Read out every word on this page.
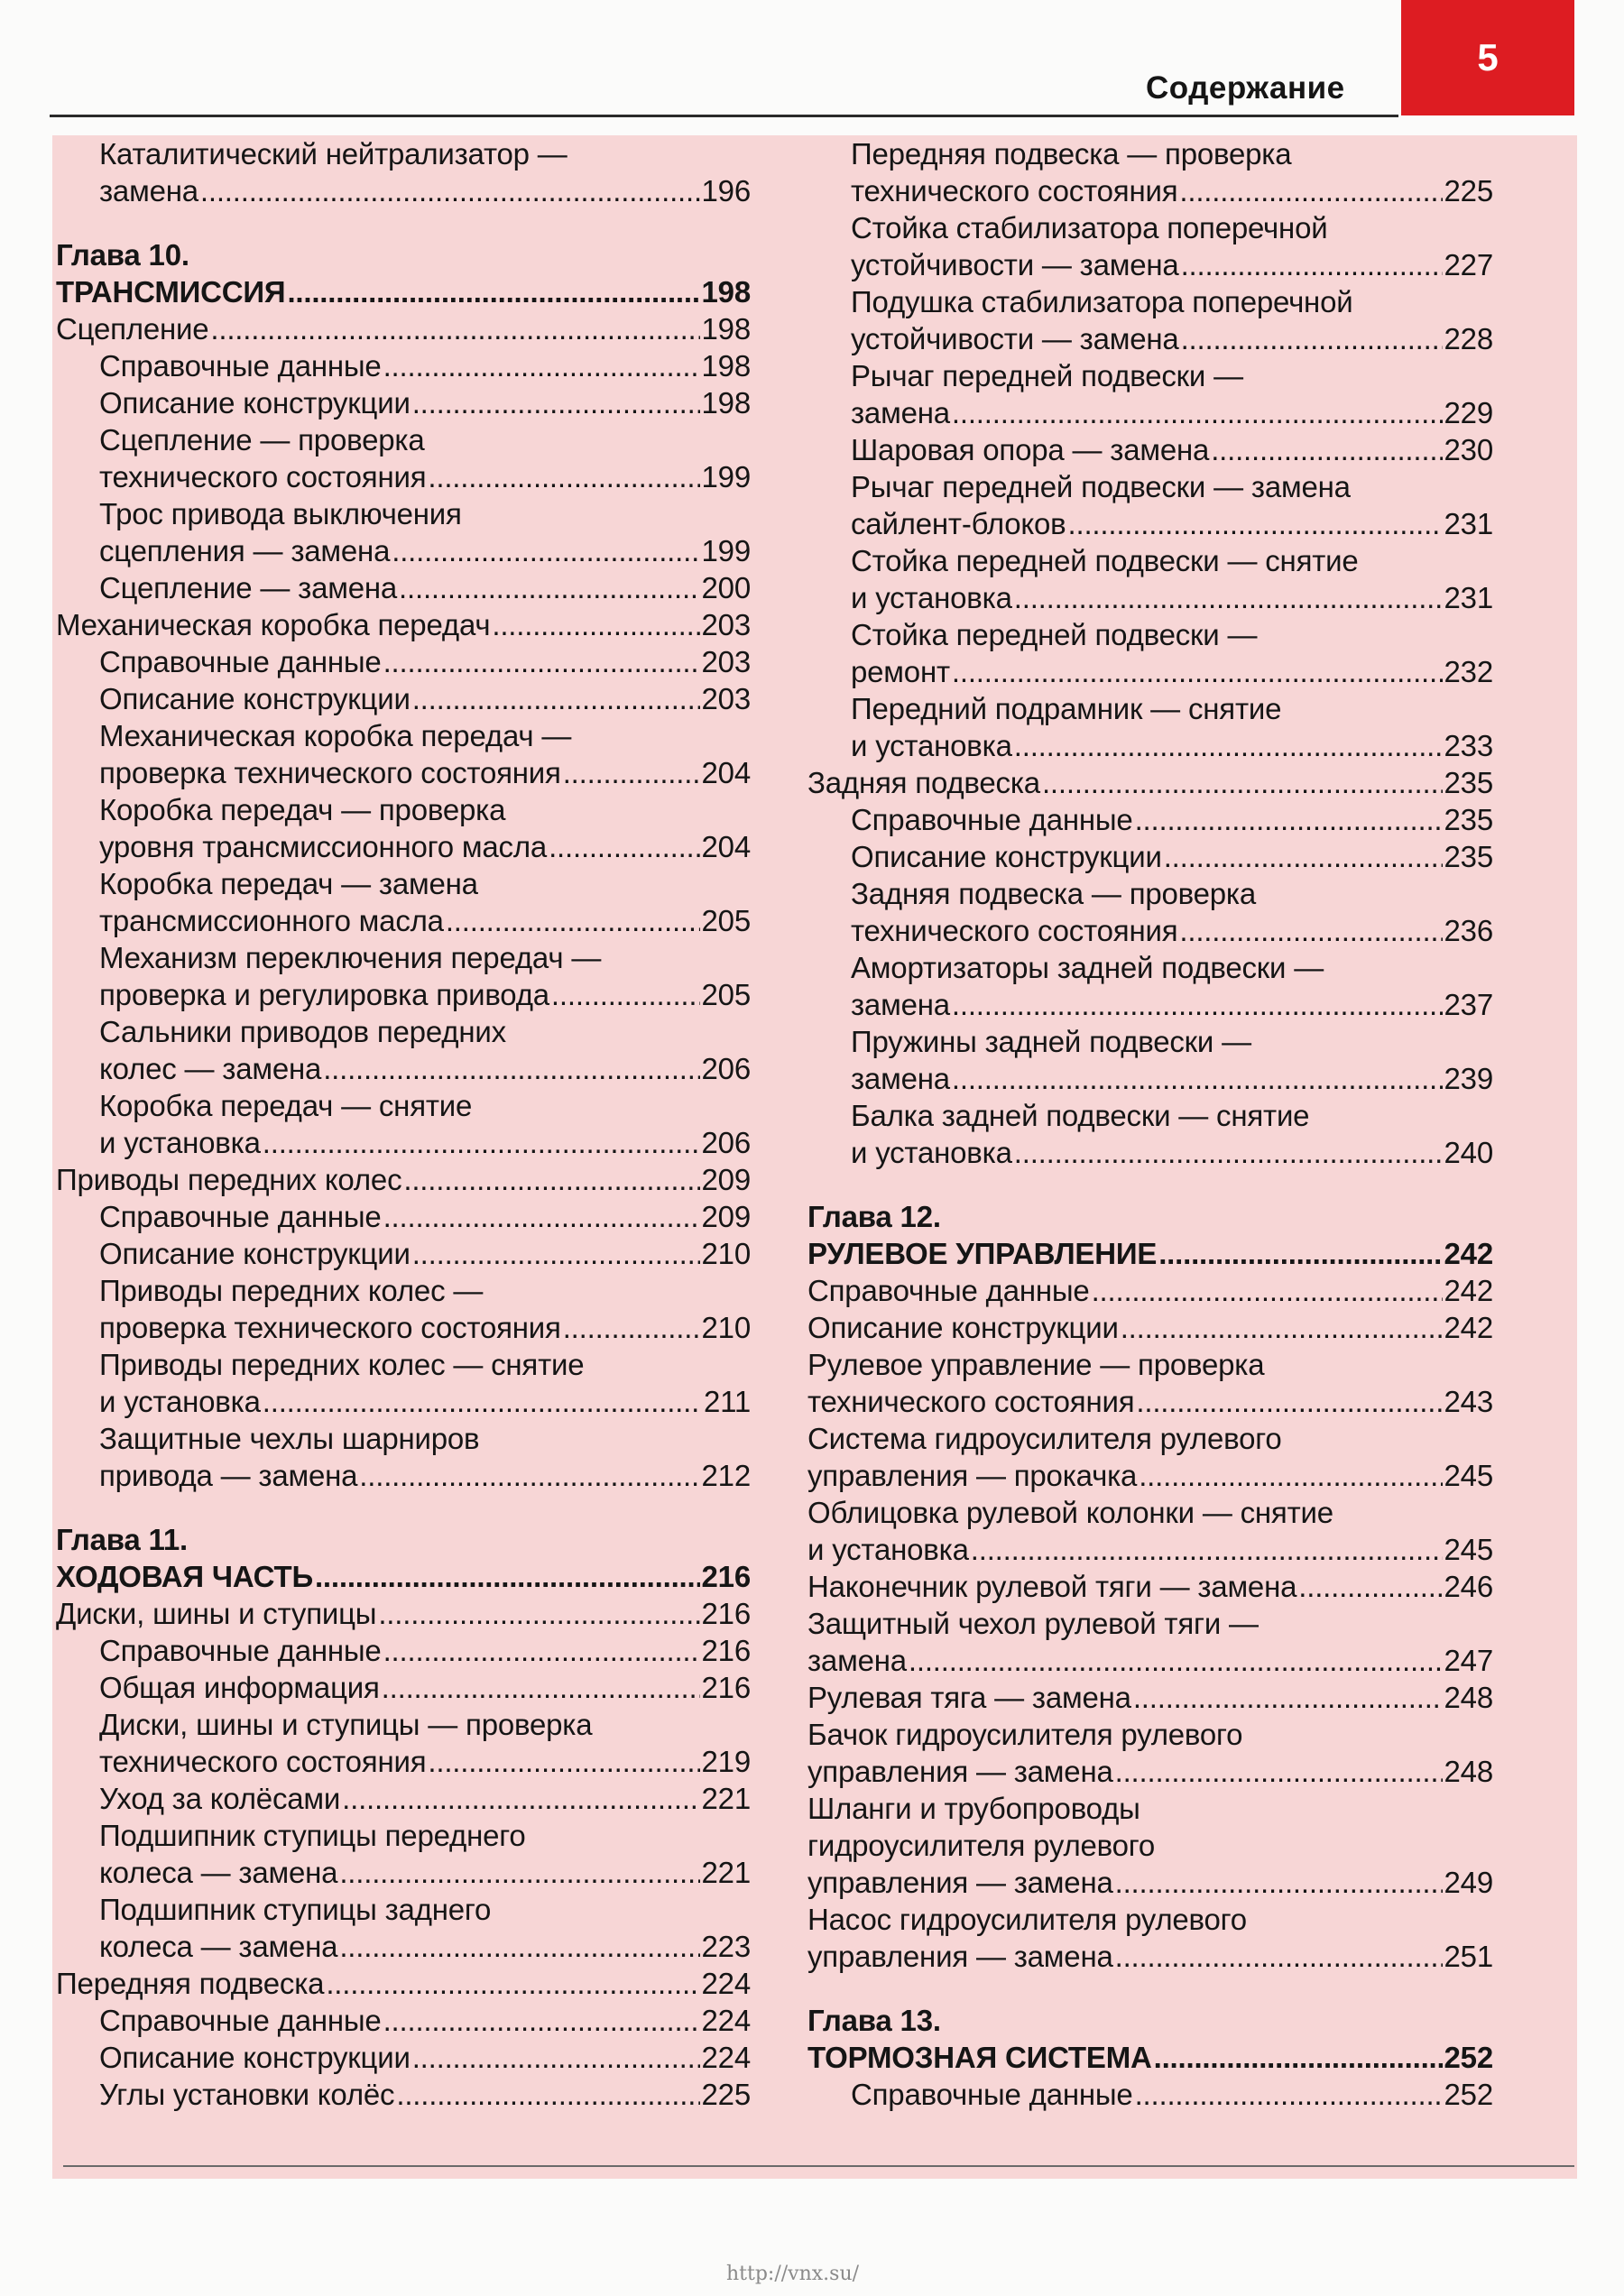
Содержание
5
Каталитический нейтрализатор —
замена .....	196
Глава 10.
ТРАНСМИССИЯ .....	198
Сцепление .....	198
Справочные данные .....	198
Описание конструкции .....	198
Сцепление — проверка
технического состояния .....	199
Трос привода выключения
сцепления — замена .....	199
Сцепление — замена .....	200
Механическая коробка передач .....	203
Справочные данные .....	203
Описание конструкции .....	203
Механическая коробка передач —
проверка технического состояния .....	204
Коробка передач — проверка
уровня трансмиссионного масла .....	204
Коробка передач — замена
трансмиссионного масла .....	205
Механизм переключения передач —
проверка и регулировка привода .....	205
Сальники приводов передних
колес — замена .....	206
Коробка передач — снятие
и установка .....	206
Приводы передних колес .....	209
Справочные данные .....	209
Описание конструкции .....	210
Приводы передних колес —
проверка технического состояния .....	210
Приводы передних колес — снятие
и установка .....	211
Защитные чехлы шарниров
привода — замена .....	212
Глава 11.
ХОДОВАЯ ЧАСТЬ .....	216
Диски, шины и ступицы .....	216
Справочные данные .....	216
Общая информация .....	216
Диски, шины и ступицы — проверка
технического состояния .....	219
Уход за колёсами .....	221
Подшипник ступицы переднего
колеса — замена .....	221
Подшипник ступицы заднего
колеса — замена .....	223
Передняя подвеска .....	224
Справочные данные .....	224
Описание конструкции .....	224
Углы установки колёс .....	225
Передняя подвеска — проверка
технического состояния .....	225
Стойка стабилизатора поперечной
устойчивости — замена .....	227
Подушка стабилизатора поперечной
устойчивости — замена .....	228
Рычаг передней подвески —
замена .....	229
Шаровая опора — замена .....	230
Рычаг передней подвески — замена
сайлент-блоков .....	231
Стойка передней подвески — снятие
и установка .....	231
Стойка передней подвески —
ремонт .....	232
Передний подрамник — снятие
и установка .....	233
Задняя подвеска .....	235
Справочные данные .....	235
Описание конструкции .....	235
Задняя подвеска — проверка
технического состояния .....	236
Амортизаторы задней подвески —
замена .....	237
Пружины задней подвески —
замена .....	239
Балка задней подвески — снятие
и установка .....	240
Глава 12.
РУЛЕВОЕ УПРАВЛЕНИЕ .....	242
Справочные данные .....	242
Описание конструкции .....	242
Рулевое управление — проверка
технического состояния .....	243
Система гидроусилителя рулевого
управления — прокачка .....	245
Облицовка рулевой колонки — снятие
и установка .....	245
Наконечник рулевой тяги — замена .....	246
Защитный чехол рулевой тяги —
замена .....	247
Рулевая тяга — замена .....	248
Бачок гидроусилителя рулевого
управления — замена .....	248
Шланги и трубопроводы
гидроусилителя рулевого
управления — замена .....	249
Насос гидроусилителя рулевого
управления — замена .....	251
Глава 13.
ТОРМОЗНАЯ СИСТЕМА .....	252
Справочные данные .....	252
http://vnx.su/
